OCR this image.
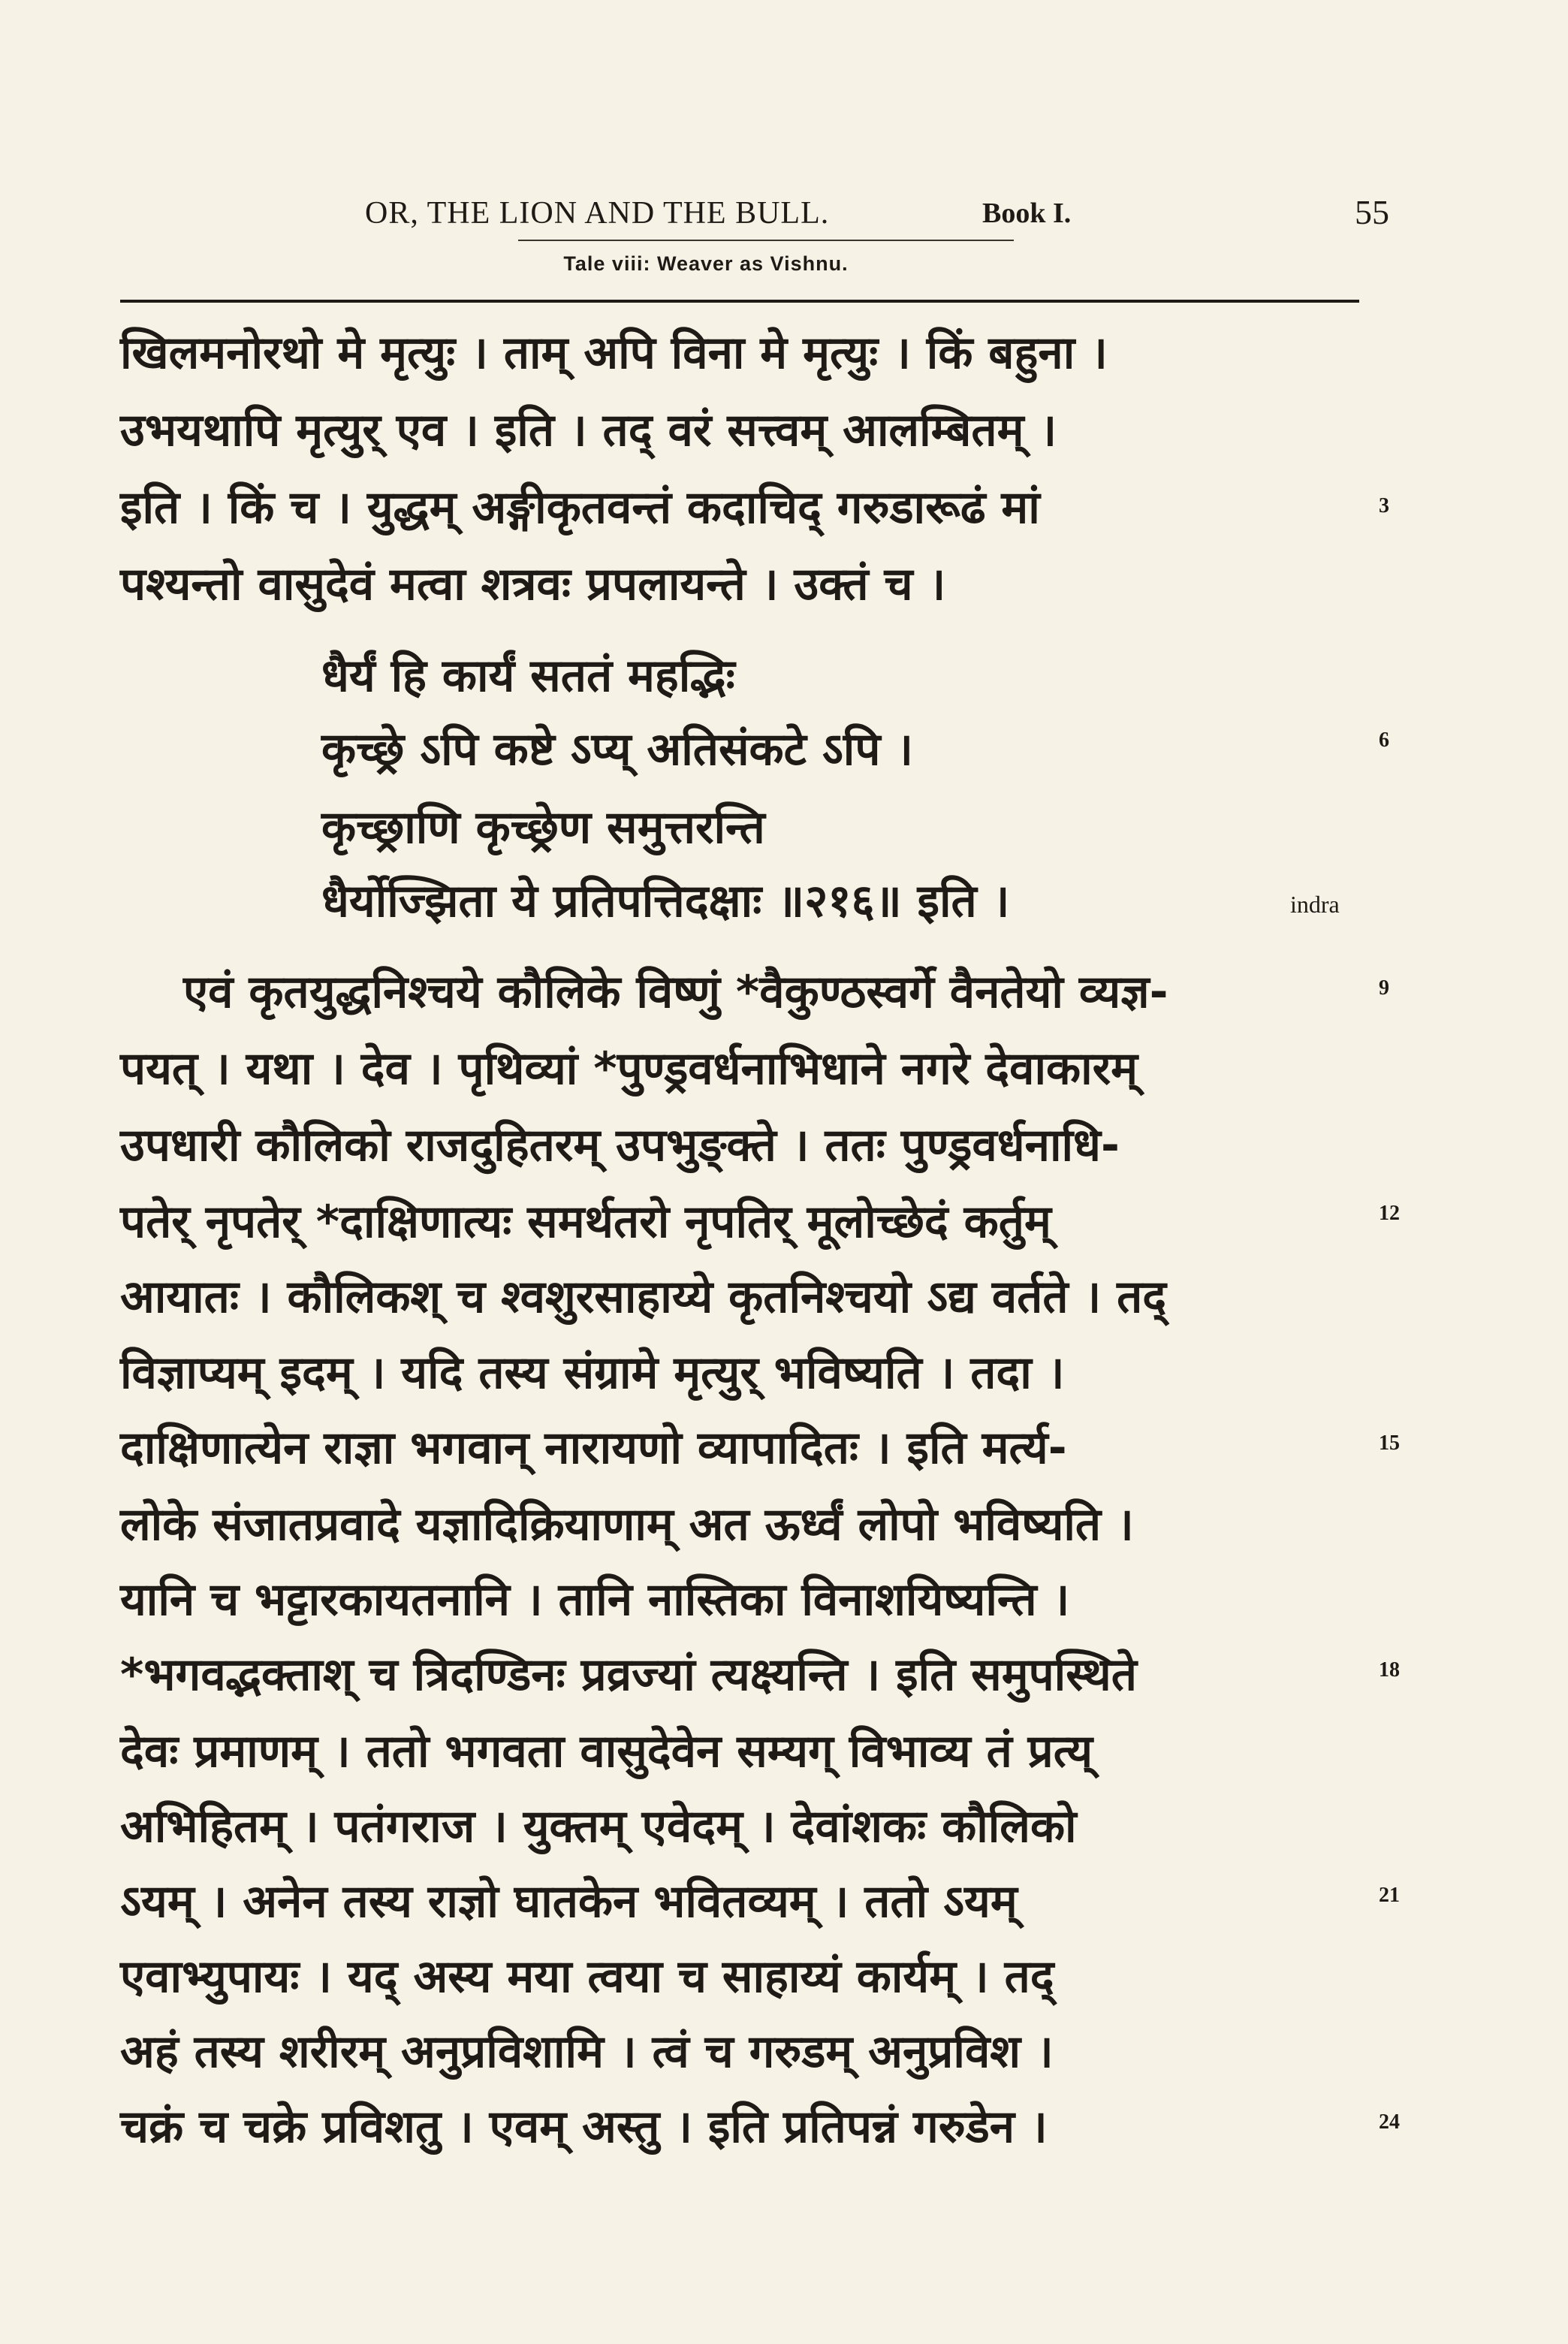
OR, THE LION AND THE BULL.	Book I.	55
Tale viii: Weaver as Vishnu.
खिलमनोरथो मे मृत्युः । ताम् अपि विना मे मृत्युः । किं बहुना ।
उभयथापि मृत्युर् एव । इति । तद् वरं सत्त्वम् आलम्बितम् ।
इति । किं च । युद्धम् अङ्गीकृतवन्तं कदाचिद् गरुडारूढं मां
पश्यन्तो वासुदेवं मत्वा शत्रवः प्रपलायन्ते । उक्तं च ।
धैर्यं हि कार्यं सततं महद्भिः
कृच्छ्रे ऽपि कष्टे ऽप्य् अतिसंकटे ऽपि ।
कृच्छ्राणि कृच्छ्रेण समुत्तरन्ति
धैर्योज्झिता ये प्रतिपत्तिदक्षाः ॥२१६॥ इति ।	indra
एवं कृतयुद्धनिश्चये कौलिके विष्णुं *वैकुण्ठस्वर्गे वैनतेयो व्यज्ञ-
पयत् । यथा । देव । पृथिव्यां *पुण्ड्रवर्धनाभिधाने नगरे देवाकारम्
उपधारी कौलिको राजदुहितरम् उपभुङ्क्ते । ततः पुण्ड्रवर्धनाधि-
पतेर् नृपतेर् *दाक्षिणात्यः समर्थतरो नृपतिर् मूलोच्छेदं कर्तुम्
आयातः । कौलिकश् च श्वशुरसाहाय्ये कृतनिश्चयो ऽद्य वर्तते । तद्
विज्ञाप्यम् इदम् । यदि तस्य संग्रामे मृत्युर् भविष्यति । तदा ।
दाक्षिणात्येन राज्ञा भगवान् नारायणो व्यापादितः । इति मर्त्य-
लोके संजातप्रवादे यज्ञादिक्रियाणाम् अत ऊर्ध्वं लोपो भविष्यति ।
यानि च भट्टारकायतनानि । तानि नास्तिका विनाशयिष्यन्ति ।
*भगवद्भक्ताश् च त्रिदण्डिनः प्रव्रज्यां त्यक्ष्यन्ति । इति समुपस्थिते
देवः प्रमाणम् । ततो भगवता वासुदेवेन सम्यग् विभाव्य तं प्रत्य्
अभिहितम् । पतंगराज । युक्तम् एवेदम् । देवांशकः कौलिको
ऽयम् । अनेन तस्य राज्ञो घातकेन भवितव्यम् । ततो ऽयम्
एवाभ्युपायः । यद् अस्य मया त्वया च साहाय्यं कार्यम् । तद्
अहं तस्य शरीरम् अनुप्रविशामि । त्वं च गरुडम् अनुप्रविश ।
चक्रं च चक्रे प्रविशतु । एवम् अस्तु । इति प्रतिपन्नं गरुडेन ।
3
6
9
12
15
18
21
24
